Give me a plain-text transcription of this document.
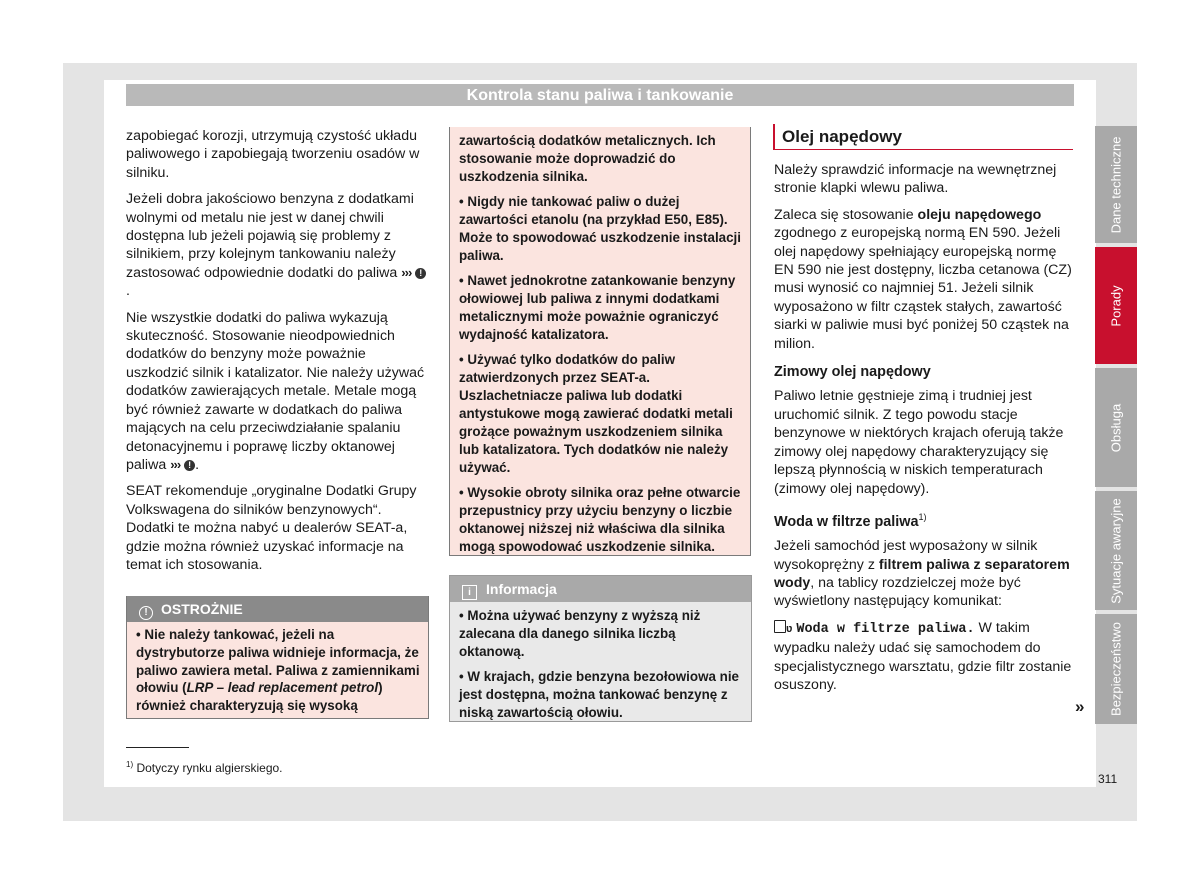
Kontrola stanu paliwa i tankowanie

zapobiegać korozji, utrzymują czystość układu paliwowego i zapobiegają tworzeniu osadów w silniku.

Jeżeli dobra jakościowo benzyna z dodatkami wolnymi od metalu nie jest w danej chwili dostępna lub jeżeli pojawią się problemy z silnikiem, przy kolejnym tankowaniu należy zastosować odpowiednie dodatki do paliwa ››› !.

Nie wszystkie dodatki do paliwa wykazują skuteczność. Stosowanie nieodpowiednich dodatków do benzyny może poważnie uszkodzić silnik i katalizator. Nie należy używać dodatków zawierających metale. Metale mogą być również zawarte w dodatkach do paliwa mających na celu przeciwdziałanie spalaniu detonacyjnemu i poprawę liczby oktanowej paliwa ››› ! .

SEAT rekomenduje „oryginalne Dodatki Grupy Volkswagena do silników benzynowych“. Dodatki te można nabyć u dealerów SEAT-a, gdzie można również uzyskać informacje na temat ich stosowania.

! OSTROŻNIE
• Nie należy tankować, jeżeli na dystrybutorze paliwa widnieje informacja, że paliwo zawiera metal. Paliwa z zamiennikami ołowiu (LRP – lead replacement petrol) również charakteryzują się wysoką

zawartością dodatków metalicznych. Ich stosowanie może doprowadzić do uszkodzenia silnika.

• Nigdy nie tankować paliw o dużej zawartości etanolu (na przykład E50, E85). Może to spowodować uszkodzenie instalacji paliwa.

• Nawet jednokrotne zatankowanie benzyny ołowiowej lub paliwa z innymi dodatkami metalicznymi może poważnie ograniczyć wydajność katalizatora.

• Używać tylko dodatków do paliw zatwierdzonych przez SEAT-a. Uszlachetniacze paliwa lub dodatki antystukowe mogą zawierać dodatki metali grożące poważnym uszkodzeniem silnika lub katalizatora. Tych dodatków nie należy używać.

• Wysokie obroty silnika oraz pełne otwarcie przepustnicy przy użyciu benzyny o liczbie oktanowej niższej niż właściwa dla silnika mogą spowodować uszkodzenie silnika.

i Informacja

• Można używać benzyny z wyższą niż zalecana dla danego silnika liczbą oktanową.

• W krajach, gdzie benzyna bezołowiowa nie jest dostępna, można tankować benzynę z niską zawartością ołowiu.

Olej napędowy

Należy sprawdzić informacje na wewnętrznej stronie klapki wlewu paliwa.

Zaleca się stosowanie oleju napędowego zgodnego z europejską normą EN 590. Jeżeli olej napędowy spełniający europejską normę EN 590 nie jest dostępny, liczba cetanowa (CZ) musi wynosić co najmniej 51. Jeżeli silnik wyposażono w filtr cząstek stałych, zawartość siarki w paliwie musi być poniżej 50 cząstek na milion.

Zimowy olej napędowy

Paliwo letnie gęstnieje zimą i trudniej jest uruchomić silnik. Z tego powodu stacje benzynowe w niektórych krajach oferują także zimowy olej napędowy charakteryzujący się lepszą płynnością w niskich temperaturach (zimowy olej napędowy).

Woda w filtrze paliwa$^{1)}$

Jeżeli samochód jest wyposażony w silnik wysokoprężny z filtrem paliwa z separatorem wody, na tablicy rozdzielczej może być wyświetlony następujący komunikat:

ʋ Woda w filtrze paliwa. W takim wypadku należy udać się samochodem do specjalistycznego warsztatu, gdzie filtr zostanie osuszony.

»
Dane techniczne
Porady
Obsługa
Sytuacje awaryjne
Bezpieczeństwo
$^{1)}$ Dotyczy rynku algierskiego.
311
